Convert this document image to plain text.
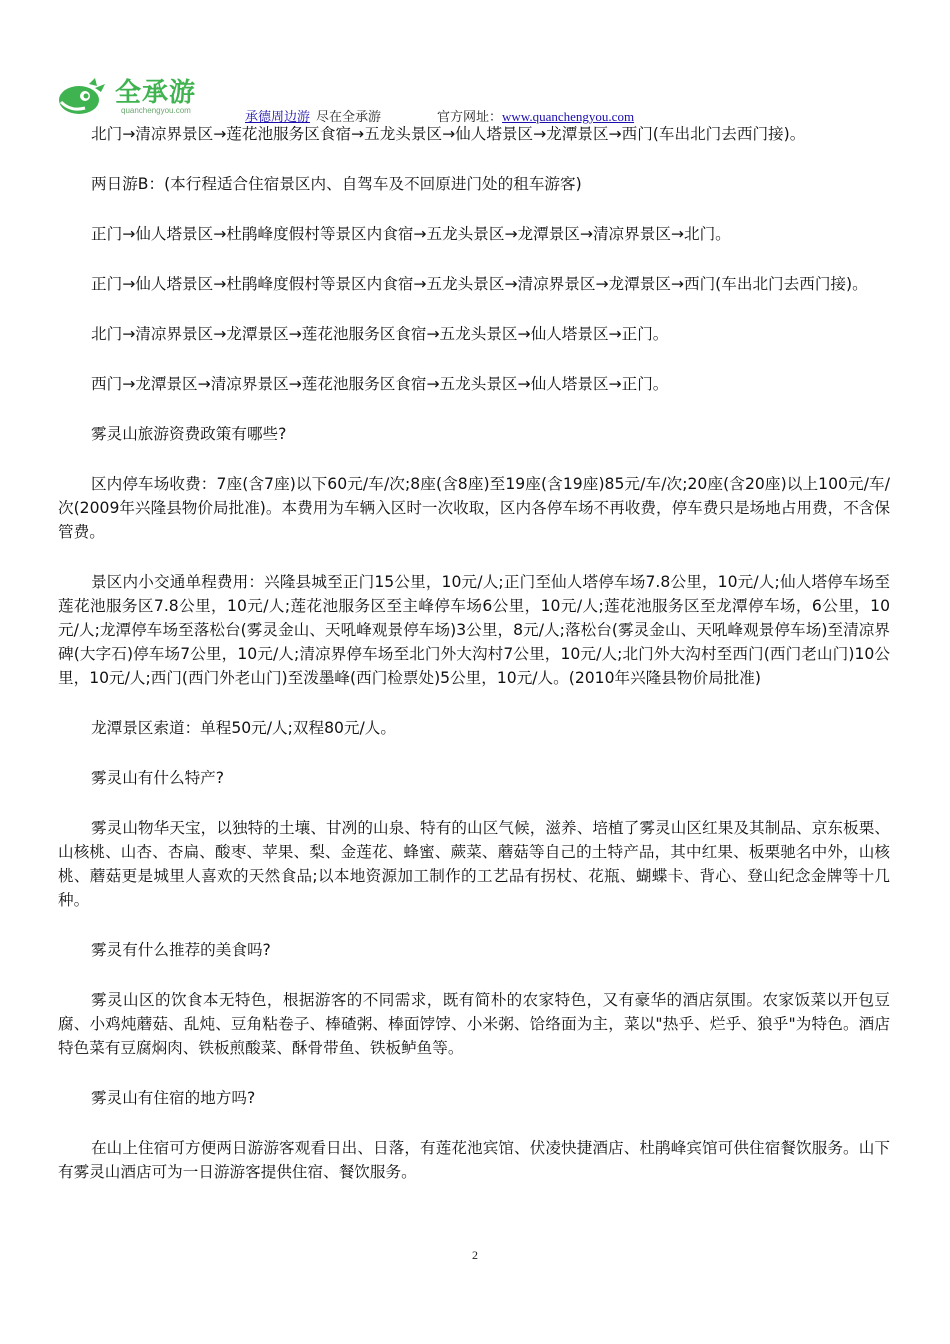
全承游
quanchengyou.com	承德周边游 尽在全承游	官方网址：www.quanchengyou.com

北门→清凉界景区→莲花池服务区食宿→五龙头景区→仙人塔景区→龙潭景区→西门(车出北门去西门接)。

两日游B：(本行程适合住宿景区内、自驾车及不回原进门处的租车游客)

正门→仙人塔景区→杜鹃峰度假村等景区内食宿→五龙头景区→龙潭景区→清凉界景区→北门。

正门→仙人塔景区→杜鹃峰度假村等景区内食宿→五龙头景区→清凉界景区→龙潭景区→西门(车出北门去西门接)。

北门→清凉界景区→龙潭景区→莲花池服务区食宿→五龙头景区→仙人塔景区→正门。

西门→龙潭景区→清凉界景区→莲花池服务区食宿→五龙头景区→仙人塔景区→正门。

雾灵山旅游资费政策有哪些?

区内停车场收费：7座(含7座)以下60元/车/次;8座(含8座)至19座(含19座)85元/车/次;20座(含20座)以上100元/车/次(2009年兴隆县物价局批准)。本费用为车辆入区时一次收取，区内各停车场不再收费，停车费只是场地占用费，不含保管费。

景区内小交通单程费用：兴隆县城至正门15公里，10元/人;正门至仙人塔停车场7.8公里，10元/人;仙人塔停车场至莲花池服务区7.8公里，10元/人;莲花池服务区至主峰停车场6公里，10元/人;莲花池服务区至龙潭停车场，6公里，10元/人;龙潭停车场至落松台(雾灵金山、天吼峰观景停车场)3公里，8元/人;落松台(雾灵金山、天吼峰观景停车场)至清凉界碑(大字石)停车场7公里，10元/人;清凉界停车场至北门外大沟村7公里，10元/人;北门外大沟村至西门(西门老山门)10公里，10元/人;西门(西门外老山门)至泼墨峰(西门检票处)5公里，10元/人。(2010年兴隆县物价局批准)

龙潭景区索道：单程50元/人;双程80元/人。

雾灵山有什么特产?

雾灵山物华天宝，以独特的土壤、甘冽的山泉、特有的山区气候，滋养、培植了雾灵山区红果及其制品、京东板栗、山核桃、山杏、杏扁、酸枣、苹果、梨、金莲花、蜂蜜、蕨菜、蘑菇等自己的土特产品，其中红果、板栗驰名中外，山核桃、蘑菇更是城里人喜欢的天然食品;以本地资源加工制作的工艺品有拐杖、花瓶、蝴蝶卡、背心、登山纪念金牌等十几种。

雾灵有什么推荐的美食吗?

雾灵山区的饮食本无特色，根据游客的不同需求，既有简朴的农家特色，又有豪华的酒店氛围。农家饭菜以开包豆腐、小鸡炖蘑菇、乱炖、豆角粘卷子、棒碴粥、棒面饽饽、小米粥、饸络面为主，菜以"热乎、烂乎、狼乎"为特色。酒店特色菜有豆腐焖肉、铁板煎酸菜、酥骨带鱼、铁板鲈鱼等。

雾灵山有住宿的地方吗?

在山上住宿可方便两日游游客观看日出、日落，有莲花池宾馆、伏凌快捷酒店、杜鹃峰宾馆可供住宿餐饮服务。山下有雾灵山酒店可为一日游游客提供住宿、餐饮服务。

2
